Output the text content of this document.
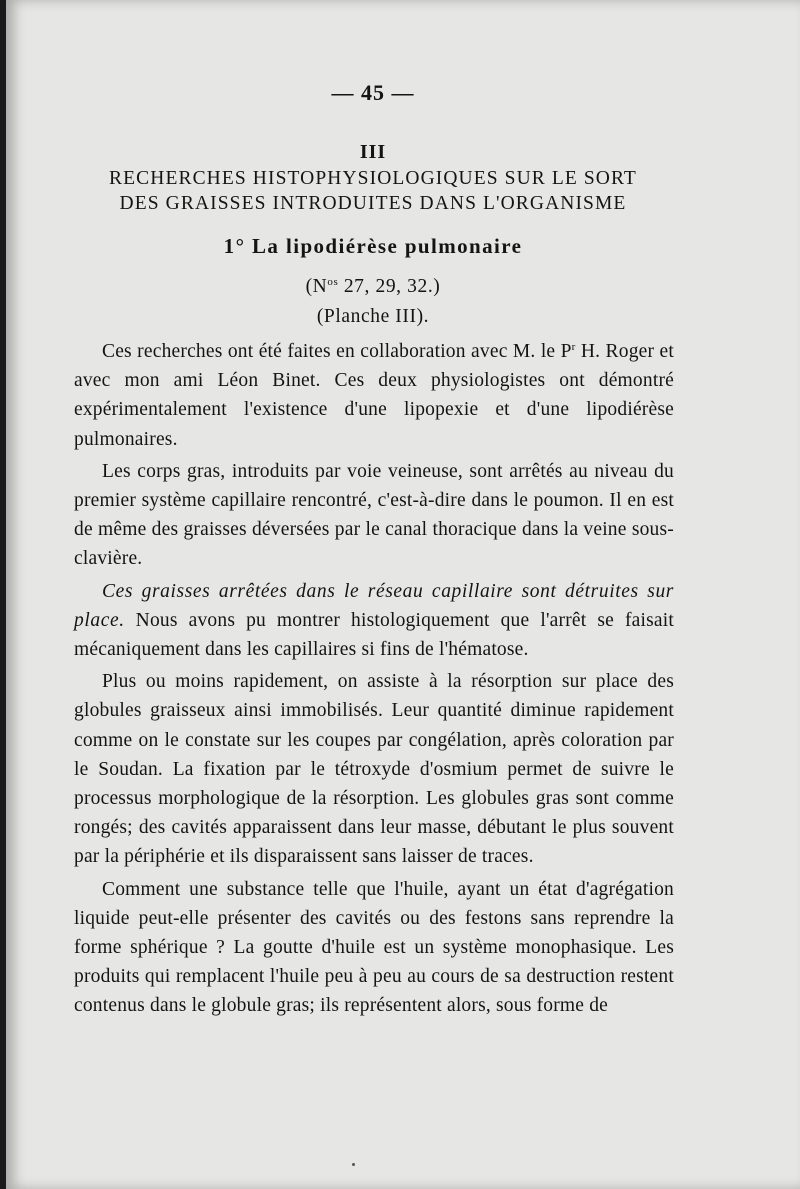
— 45 —
III
RECHERCHES HISTOPHYSIOLOGIQUES SUR LE SORT
DES GRAISSES INTRODUITES DANS L'ORGANISME
1° La lipodiérèse pulmonaire
($N^{os}$ 27, 29, 32.)
(Planche III).

Ces recherches ont été faites en collaboration avec M. le $P^r$ H. Roger et avec mon ami Léon Binet. Ces deux physiologistes ont démontré expérimentalement l'existence d'une lipopexie et d'une lipodiérèse pulmonaires.

Les corps gras, introduits par voie veineuse, sont arrêtés au niveau du premier système capillaire rencontré, c'est-à-dire dans le poumon. Il en est de même des graisses déversées par le canal thoracique dans la veine sous-clavière.

Ces graisses arrêtées dans le réseau capillaire sont détruites sur place. Nous avons pu montrer histologiquement que l'arrêt se faisait mécaniquement dans les capillaires si fins de l'hématose.

Plus ou moins rapidement, on assiste à la résorption sur place des globules graisseux ainsi immobilisés. Leur quantité diminue rapidement comme on le constate sur les coupes par congélation, après coloration par le Soudan. La fixation par le tétroxyde d'osmium permet de suivre le processus morphologique de la résorption. Les globules gras sont comme rongés; des cavités apparaissent dans leur masse, débutant le plus souvent par la périphérie et ils disparaissent sans laisser de traces.

Comment une substance telle que l'huile, ayant un état d'agrégation liquide peut-elle présenter des cavités ou des festons sans reprendre la forme sphérique ? La goutte d'huile est un système monophasique. Les produits qui remplacent l'huile peu à peu au cours de sa destruction restent contenus dans le globule gras; ils représentent alors, sous forme de
